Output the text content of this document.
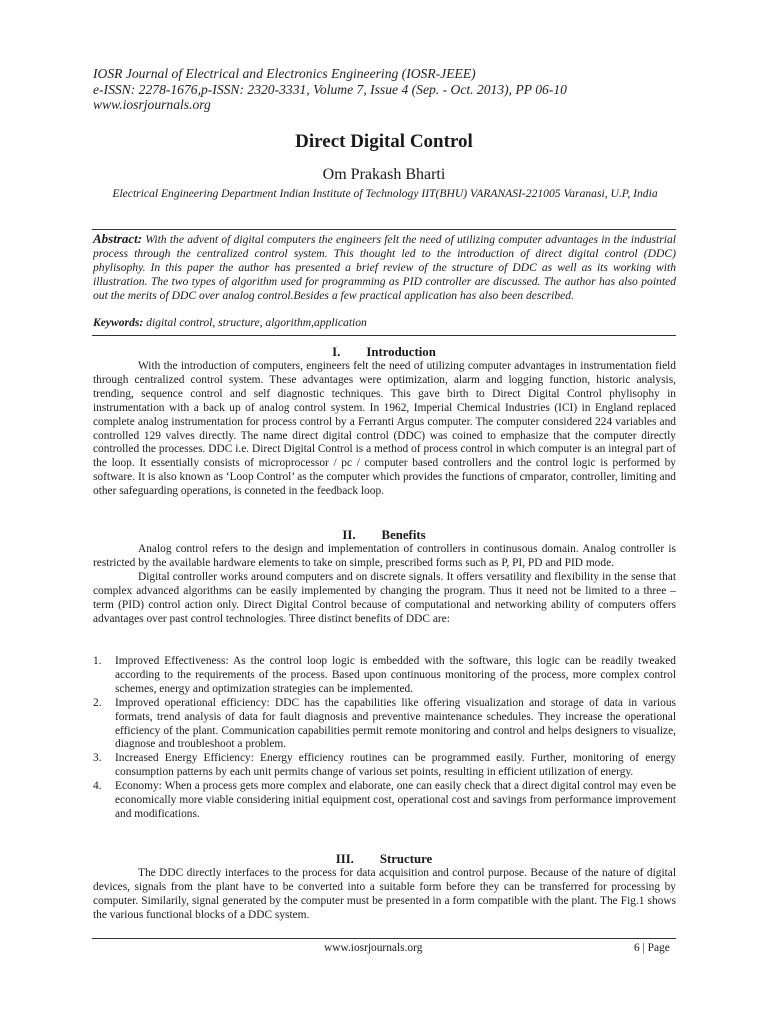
IOSR Journal of Electrical and Electronics Engineering (IOSR-JEEE)
e-ISSN: 2278-1676,p-ISSN: 2320-3331, Volume 7, Issue 4 (Sep. - Oct. 2013), PP 06-10
www.iosrjournals.org
Direct Digital Control
Om Prakash Bharti
Electrical Engineering Department Indian Institute of Technology IIT(BHU) VARANASI-221005 Varanasi, U.P, India
Abstract: With the advent of digital computers the engineers felt the need of utilizing computer advantages in the industrial process through the centralized control system. This thought led to the introduction of direct digital control (DDC) phylisophy. In this paper the author has presented a brief review of the structure of DDC as well as its working with illustration. The two types of algorithm used for programming as PID controller are discussed. The author has also pointed out the merits of DDC over analog control.Besides a few practical application has also been described.
Keywords: digital control, structure, algorithm,application
I. Introduction

With the introduction of computers, engineers felt the need of utilizing computer advantages in instrumentation field through centralized control system. These advantages were optimization, alarm and logging function, historic analysis, trending, sequence control and self diagnostic techniques. This gave birth to Direct Digital Control phylisophy in instrumentation with a back up of analog control system. In 1962, Imperial Chemical Industries (ICI) in England replaced complete analog instrumentation for process control by a Ferranti Argus computer. The computer considered 224 variables and controlled 129 valves directly. The name direct digital control (DDC) was coined to emphasize that the computer directly controlled the processes. DDC i.e. Direct Digital Control is a method of process control in which computer is an integral part of the loop. It essentially consists of microprocessor / pc / computer based controllers and the control logic is performed by software. It is also known as ‘Loop Control’ as the computer which provides the functions of cmparator, controller, limiting and other safeguarding operations, is conneted in the feedback loop.

II. Benefits

Analog control refers to the design and implementation of controllers in continusous domain. Analog controller is restricted by the available hardware elements to take on simple, prescribed forms such as P, PI, PD and PID mode.

Digital controller works around computers and on discrete signals. It offers versatility and flexibility in the sense that complex advanced algorithms can be easily implemented by changing the program. Thus it need not be limited to a three – term (PID) control action only. Direct Digital Control because of computational and networking ability of computers offers advantages over past control technologies. Three distinct benefits of DDC are:

1. Improved Effectiveness: As the control loop logic is embedded with the software, this logic can be readily tweaked according to the requirements of the process. Based upon continuous monitoring of the process, more complex control schemes, energy and optimization strategies can be implemented.
2. Improved operational efficiency: DDC has the capabilities like offering visualization and storage of data in various formats, trend analysis of data for fault diagnosis and preventive maintenance schedules. They increase the operational efficiency of the plant. Communication capabilities permit remote monitoring and control and helps designers to visualize, diagnose and troubleshoot a problem.
3. Increased Energy Efficiency: Energy efficiency routines can be programmed easily. Further, monitoring of energy consumption patterns by each unit permits change of various set points, resulting in efficient utilization of energy.
4. Economy: When a process gets more complex and elaborate, one can easily check that a direct digital control may even be economically more viable considering initial equipment cost, operational cost and savings from performance improvement and modifications.
III. Structure

The DDC directly interfaces to the process for data acquisition and control purpose. Because of the nature of digital devices, signals from the plant have to be converted into a suitable form before they can be transferred for processing by computer. Similarily, signal generated by the computer must be presented in a form compatible with the plant. The Fig.1 shows the various functional blocks of a DDC system.

www.iosrjournals.org	6 | Page
